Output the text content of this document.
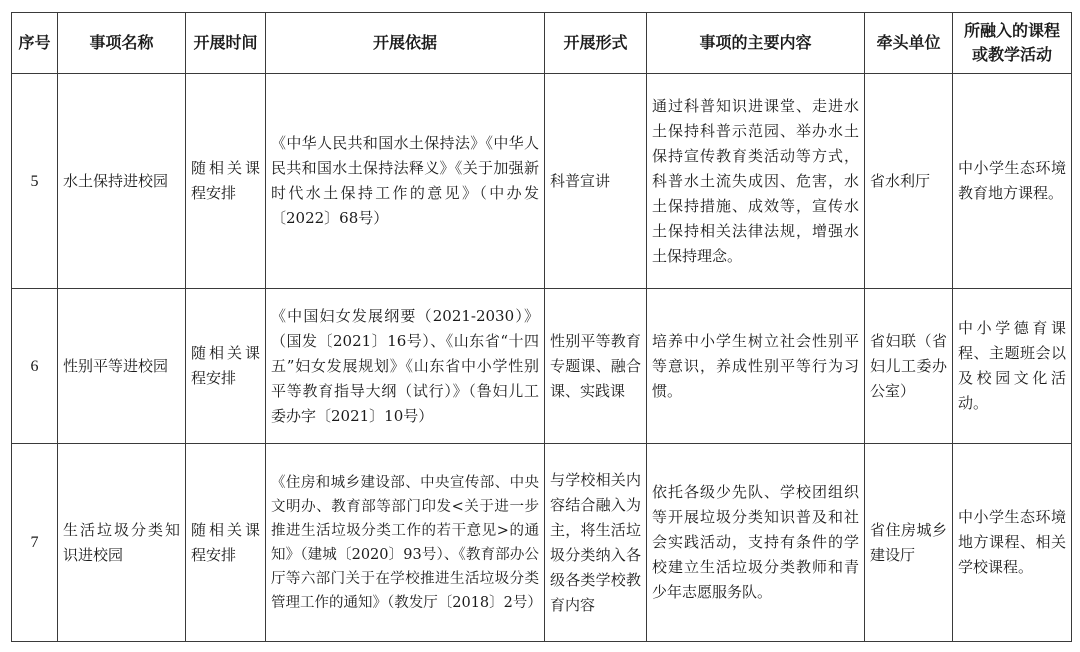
序号	事项名称	开展时间	开展依据	开展形式	事项的主要内容	牵头单位	所融入的课程
或教学活动

5	水土保持进校园	随相关课程安排	《中华人民共和国水土保持法》《中华人民共和国水土保持法释义》《关于加强新时代水土保持工作的意见》（中办发〔2022〕68号）	科普宣讲	通过科普知识进课堂、走进水土保持科普示范园、举办水土保持宣传教育类活动等方式，科普水土流失成因、危害，水土保持措施、成效等，宣传水土保持相关法律法规，增强水土保持理念。	省水利厅	中小学生态环境教育地方课程。

6	性别平等进校园	随相关课程安排	《中国妇女发展纲要（2021-2030）》（国发〔2021〕16号）、《山东省“十四五”妇女发展规划》《山东省中小学性别平等教育指导大纲（试行）》（鲁妇儿工委办字〔2021〕10号）	性别平等教育专题课、融合课、实践课	培养中小学生树立社会性别平等意识，养成性别平等行为习惯。	省妇联（省妇儿工委办公室）	中小学德育课程、主题班会以及校园文化活动。

7	生活垃圾分类知识进校园	随相关课程安排	《住房和城乡建设部、中央宣传部、中央文明办、教育部等部门印发<关于进一步推进生活垃圾分类工作的若干意见>的通知》（建城〔2020〕93号）、《教育部办公厅等六部门关于在学校推进生活垃圾分类管理工作的通知》（教发厅〔2018〕2号）	与学校相关内容结合融入为主，将生活垃圾分类纳入各级各类学校教育内容	依托各级少先队、学校团组织等开展垃圾分类知识普及和社会实践活动，支持有条件的学校建立生活垃圾分类教师和青少年志愿服务队。	省住房城乡建设厅	中小学生态环境地方课程、相关学校课程。
